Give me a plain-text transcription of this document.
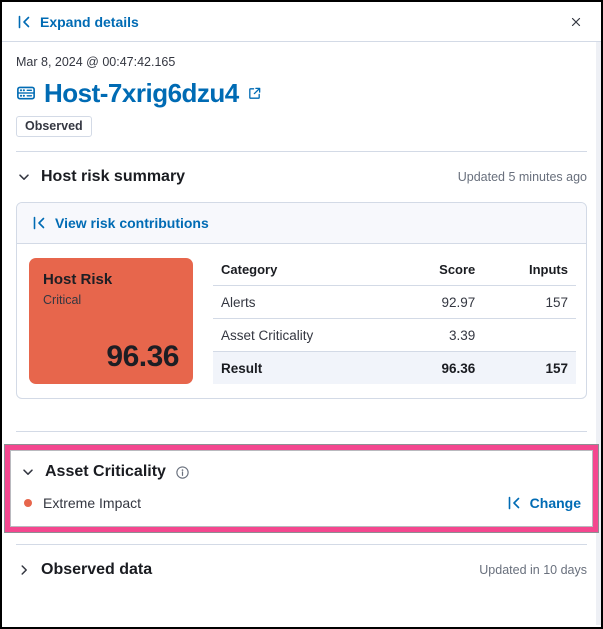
Expand details
Mar 8, 2024 @ 00:47:42.165
Host-7xrig6dzu4
Observed
Host risk summary	Updated 5 minutes ago
View risk contributions
Host Risk
Critical
96.36
Category	Score	Inputs
Alerts	92.97	157
Asset Criticality	3.39	
Result	96.36	157
Asset Criticality
Extreme Impact	Change
Observed data	Updated in 10 days
